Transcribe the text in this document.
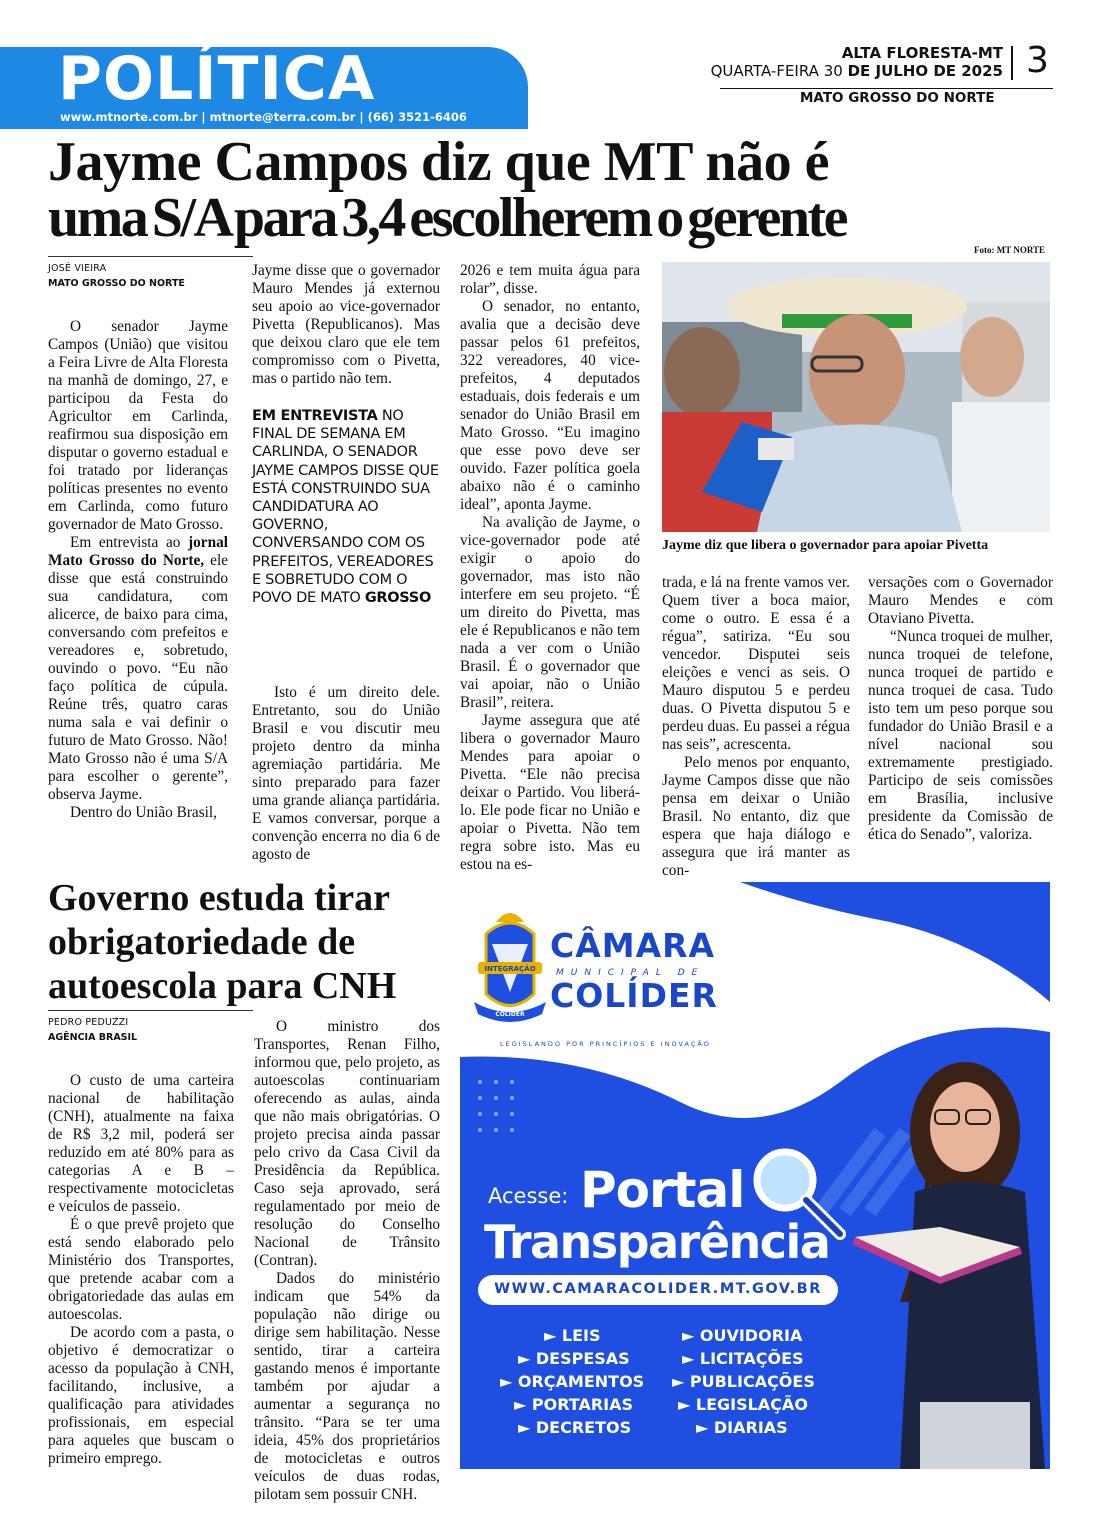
POLÍTICA
www.mtnorte.com.br | mtnorte@terra.com.br | (66) 3521-6406
ALTA FLORESTA-MT
QUARTA-FEIRA 30 DE JULHO DE 2025 3
MATO GROSSO DO NORTE
Jayme Campos diz que MT não é
uma S/A para 3,4 escolherem o gerente
Foto: MT NORTE
JOSÉ VIEIRA
MATO GROSSO DO NORTE

O senador Jayme Campos (União) que visitou a Feira Livre de Alta Floresta na manhã de domingo, 27, e participou da Festa do Agricultor em Carlinda, reafirmou sua disposição em disputar o governo estadual e foi tratado por lideranças políticas presentes no evento em Carlinda, como futuro governador de Mato Grosso.

Em entrevista ao jornal Mato Grosso do Norte, ele disse que está construindo sua candidatura, com alicerce, de baixo para cima, conversando com prefeitos e vereadores e, sobretudo, ouvindo o povo. “Eu não faço política de cúpula. Reúne três, quatro caras numa sala e vai definir o futuro de Mato Grosso. Não! Mato Grosso não é uma S/A para escolher o gerente”, observa Jayme.

Dentro do União Brasil,

Jayme disse que o governador Mauro Mendes já externou seu apoio ao vice-governador Pivetta (Republicanos). Mas que deixou claro que ele tem compromisso com o Pivetta, mas o partido não tem.

EM ENTREVISTA NO FINAL DE SEMANA EM CARLINDA, O SENADOR JAYME CAMPOS DISSE QUE ESTÁ CONSTRUINDO SUA CANDIDATURA AO GOVERNO, CONVERSANDO COM OS PREFEITOS, VEREADORES E SOBRETUDO COM O POVO DE MATO GROSSO

Isto é um direito dele. Entretanto, sou do União Brasil e vou discutir meu projeto dentro da minha agremiação partidária. Me sinto preparado para fazer uma grande aliança partidária. E vamos conversar, porque a convenção encerra no dia 6 de agosto de

2026 e tem muita água para rolar”, disse.

O senador, no entanto, avalia que a decisão deve passar pelos 61 prefeitos, 322 vereadores, 40 vice-prefeitos, 4 deputados estaduais, dois federais e um senador do União Brasil em Mato Grosso. “Eu imagino que esse povo deve ser ouvido. Fazer política goela abaixo não é o caminho ideal”, aponta Jayme.

Na avalição de Jayme, o vice-governador pode até exigir o apoio do governador, mas isto não interfere em seu projeto. “É um direito do Pivetta, mas ele é Republicanos e não tem nada a ver com o União Brasil. É o governador que vai apoiar, não o União Brasil”, reitera.

Jayme assegura que até libera o governador Mauro Mendes para apoiar o Pivetta. “Ele não precisa deixar o Partido. Vou liberá-lo. Ele pode ficar no União e apoiar o Pivetta. Não tem regra sobre isto. Mas eu estou na es-

Jayme diz que libera o governador para apoiar Pivetta

trada, e lá na frente vamos ver. Quem tiver a boca maior, come o outro. E essa é a régua”, satiriza. “Eu sou vencedor. Disputei seis eleições e venci as seis. O Mauro disputou 5 e perdeu duas. O Pivetta disputou 5 e perdeu duas. Eu passei a régua nas seis”, acrescenta.

Pelo menos por enquanto, Jayme Campos disse que não pensa em deixar o União Brasil. No entanto, diz que espera que haja diálogo e assegura que irá manter as con-

versações com o Governador Mauro Mendes e com Otaviano Pivetta.

“Nunca troquei de mulher, nunca troquei de telefone, nunca troquei de partido e nunca troquei de casa. Tudo isto tem um peso porque sou fundador do União Brasil e a nível nacional sou extremamente prestigiado. Participo de seis comissões em Brasília, inclusive presidente da Comissão de ética do Senado”, valoriza.

Governo estuda tirar obrigatoriedade de autoescola para CNH
PEDRO PEDUZZI
AGÊNCIA BRASIL

O custo de uma carteira nacional de habilitação (CNH), atualmente na faixa de R$ 3,2 mil, poderá ser reduzido em até 80% para as categorias A e B – respectivamente motocicletas e veículos de passeio.

É o que prevê projeto que está sendo elaborado pelo Ministério dos Transportes, que pretende acabar com a obrigatoriedade das aulas em autoescolas.

De acordo com a pasta, o objetivo é democratizar o acesso da população à CNH, facilitando, inclusive, a qualificação para atividades profissionais, em especial para aqueles que buscam o primeiro emprego.

O ministro dos Transportes, Renan Filho, informou que, pelo projeto, as autoescolas continuariam oferecendo as aulas, ainda que não mais obrigatórias. O projeto precisa ainda passar pelo crivo da Casa Civil da Presidência da República. Caso seja aprovado, será regulamentado por meio de resolução do Conselho Nacional de Trânsito (Contran).

Dados do ministério indicam que 54% da população não dirige ou dirige sem habilitação. Nesse sentido, tirar a carteira gastando menos é importante também por ajudar a aumentar a segurança no trânsito. “Para se ter uma ideia, 45% dos proprietários de motocicletas e outros veículos de duas rodas, pilotam sem possuir CNH.

INTEGRAÇÃO
COLÍDER
CÂMARA
MUNICIPAL DE
COLÍDER
LEGISLANDO POR PRINCÍPIOS E INOVAÇÃO
Acesse: Portal
Transparência
WWW.CAMARACOLIDER.MT.GOV.BR
► LEIS
► DESPESAS
► ORÇAMENTOS
► PORTARIAS
► DECRETOS
► OUVIDORIA
► LICITAÇÕES
► PUBLICAÇÕES
► LEGISLAÇÃO
► DIARIAS
